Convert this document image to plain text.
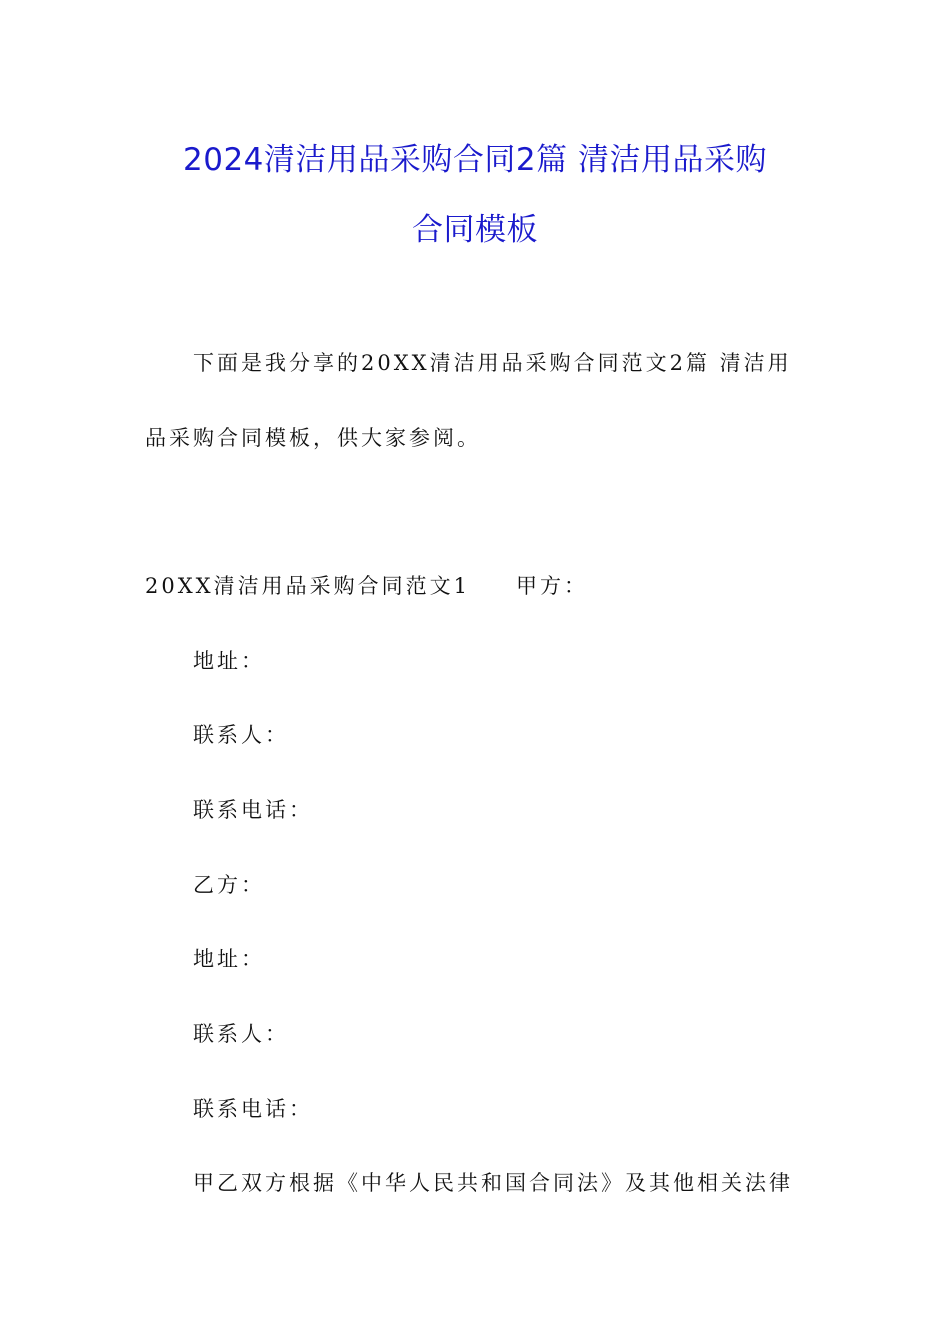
2024清洁用品采购合同2篇 清洁用品采购
合同模板
下面是我分享的20XX清洁用品采购合同范文2篇 清洁用
品采购合同模板，供大家参阅。
20XX清洁用品采购合同范文1 甲方：
地址：
联系人：
联系电话：
乙方：
地址：
联系人：
联系电话：
甲乙双方根据《中华人民共和国合同法》及其他相关法律
